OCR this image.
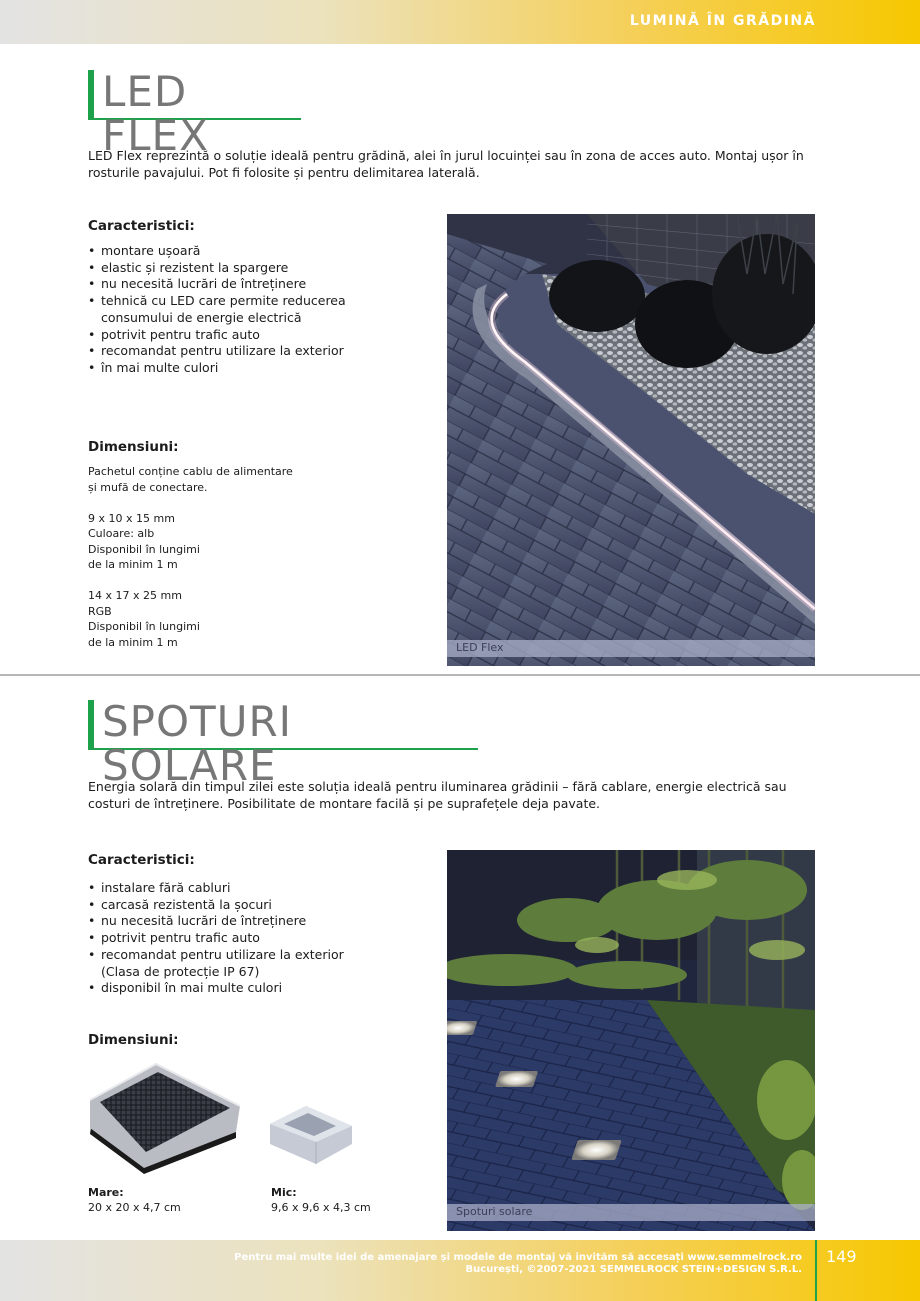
LUMINĂ ÎN GRĂDINĂ
LED FLEX

LED Flex reprezintă o soluție ideală pentru grădină, alei în jurul locuinței sau în zona de acces auto. Montaj ușor în rosturile pavajului. Pot fi folosite și pentru delimitarea laterală.

Caracteristici:
• montare ușoară
• elastic și rezistent la spargere
• nu necesită lucrări de întreținere
• tehnică cu LED care permite reducerea
consumului de energie electrică
• potrivit pentru trafic auto
• recomandat pentru utilizare la exterior
• în mai multe culori
Dimensiuni:

Pachetul conține cablu de alimentare

și mufă de conectare.

9 x 10 x 15 mm

Culoare: alb

Disponibil în lungimi

de la minim 1 m

14 x 17 x 25 mm

RGB

Disponibil în lungimi

de la minim 1 m	LED Flex
SPOTURI SOLARE

Energia solară din timpul zilei este soluția ideală pentru iluminarea grădinii – fără cablare, energie electrică sau costuri de întreținere. Posibilitate de montare facilă și pe suprafețele deja pavate.

Caracteristici:
• instalare fără cabluri
• carcasă rezistentă la șocuri
• nu necesită lucrări de întreținere
• potrivit pentru trafic auto
• recomandat pentru utilizare la exterior
(Clasa de protecție IP 67)
• disponibil în mai multe culori
Dimensiuni:
Mare:
20 x 20 x 4,7 cm
Mic:
9,6 x 9,6 x 4,3 cm	Spoturi solare
Pentru mai multe idei de amenajare și modele de montaj vă invităm să accesați www.semmelrock.ro
București, ©2007-2021 SEMMELROCK STEIN+DESIGN S.R.L.
149
